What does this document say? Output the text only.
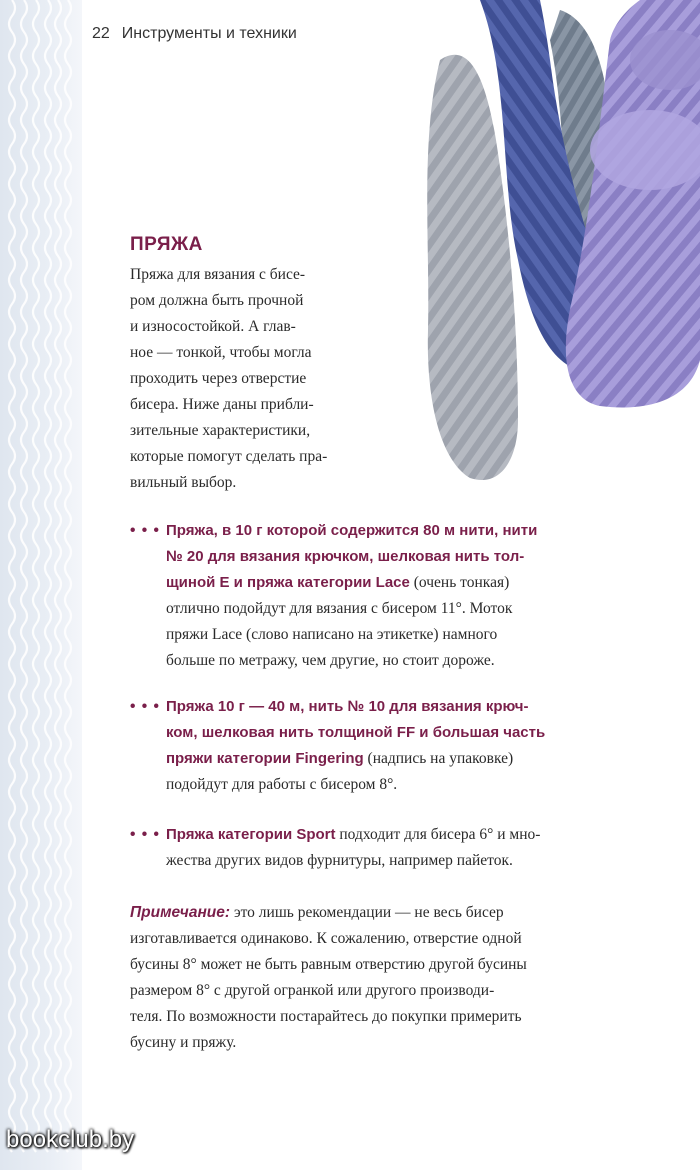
22 Инструменты и техники
ПРЯЖА
Пряжа для вязания с бисе-
ром должна быть прочной
и износостойкой. А глав-
ное — тонкой, чтобы могла
проходить через отверстие
бисера. Ниже даны прибли-
зительные характеристики,
которые помогут сделать пра-
вильный выбор.
• • • Пряжа, в 10 г которой содержится 80 м нити, нити
№ 20 для вязания крючком, шелковая нить тол-
щиной E и пряжа категории Lace (очень тонкая)
отлично подойдут для вязания с бисером 11°. Моток
пряжи Lace (слово написано на этикетке) намного
больше по метражу, чем другие, но стоит дороже.
• • • Пряжа 10 г — 40 м, нить № 10 для вязания крюч-
ком, шелковая нить толщиной FF и большая часть
пряжи категории Fingering (надпись на упаковке)
подойдут для работы с бисером 8°.
• • • Пряжа категории Sport подходит для бисера 6° и мно-
жества других видов фурнитуры, например пайеток.
Примечание: это лишь рекомендации — не весь бисер
изготавливается одинаково. К сожалению, отверстие одной
бусины 8° может не быть равным отверстию другой бусины
размером 8° с другой огранкой или другого производи-
теля. По возможности постарайтесь до покупки примерить
бусину и пряжу.
bookclub.by
